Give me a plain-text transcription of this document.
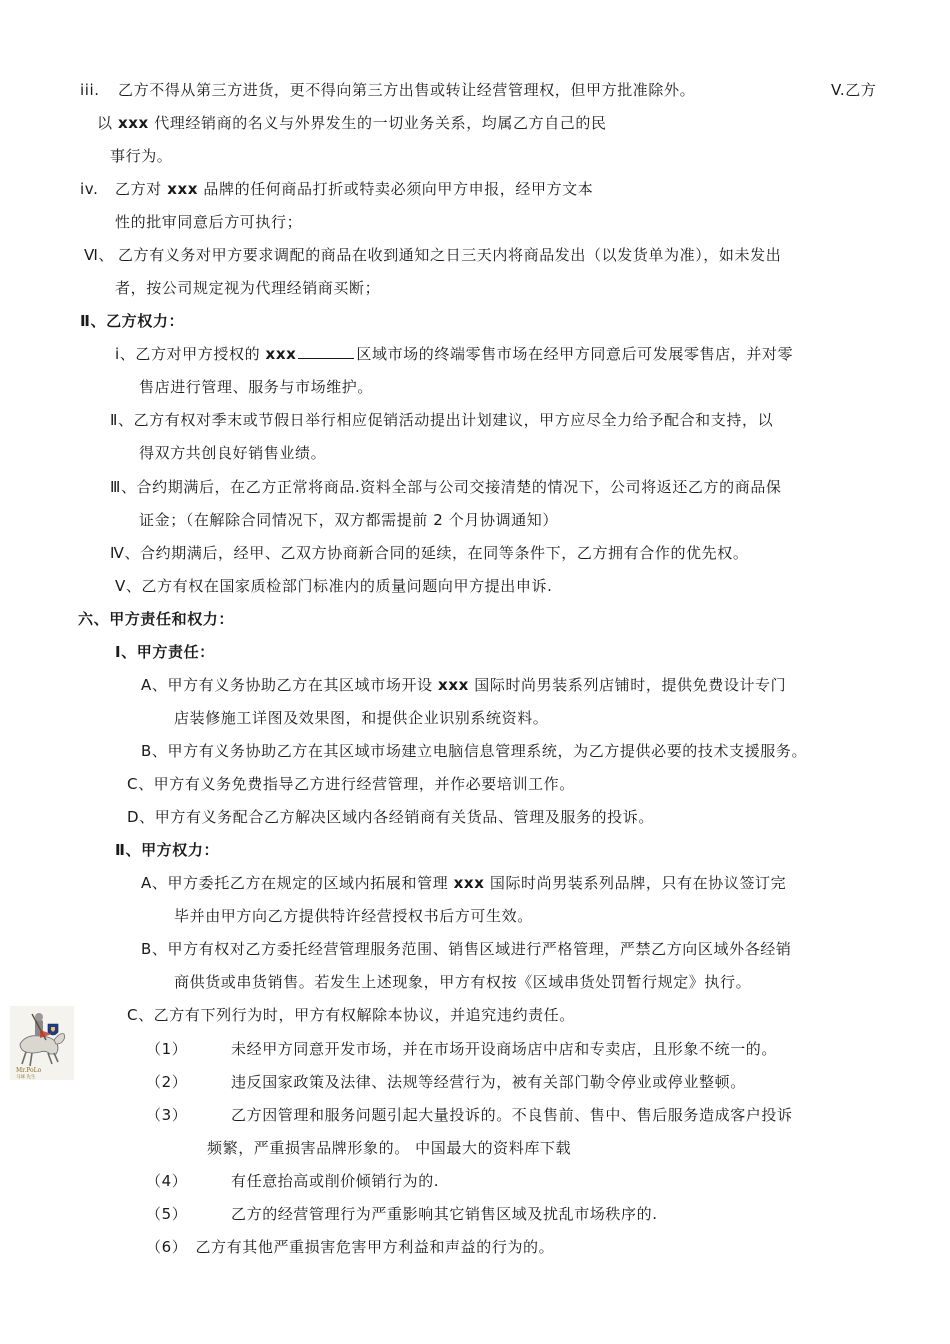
iii. 乙方不得从第三方进货，更不得向第三方出售或转让经营管理权，但甲方批准除外。	V.乙方
以 xxx 代理经销商的名义与外界发生的一切业务关系，均属乙方自己的民
事行为。
iv. 乙方对 xxx 品牌的任何商品打折或特卖必须向甲方申报，经甲方文本
性的批审同意后方可执行；
Ⅵ、 乙方有义务对甲方要求调配的商品在收到通知之日三天内将商品发出（以发货单为准），如未发出
者，按公司规定视为代理经销商买断；
Ⅱ、乙方权力：
ⅰ、乙方对甲方授权的 xxx	区域市场的终端零售市场在经甲方同意后可发展零售店，并对零
售店进行管理、服务与市场维护。
Ⅱ、乙方有权对季末或节假日举行相应促销活动提出计划建议，甲方应尽全力给予配合和支持，以
得双方共创良好销售业绩。
Ⅲ、合约期满后，在乙方正常将商品.资料全部与公司交接清楚的情况下，公司将返还乙方的商品保
证金；（在解除合同情况下，双方都需提前 2 个月协调通知）
Ⅳ、合约期满后，经甲、乙双方协商新合同的延续，在同等条件下，乙方拥有合作的优先权。
Ⅴ、乙方有权在国家质检部门标准内的质量问题向甲方提出申诉.
六、甲方责任和权力：
Ⅰ、甲方责任：
A、甲方有义务协助乙方在其区域市场开设 xxx 国际时尚男装系列店铺时，提供免费设计专门
店装修施工详图及效果图，和提供企业识别系统资料。
B、甲方有义务协助乙方在其区域市场建立电脑信息管理系统，为乙方提供必要的技术支援服务。
C、甲方有义务免费指导乙方进行经营管理，并作必要培训工作。
D、甲方有义务配合乙方解决区域内各经销商有关货品、管理及服务的投诉。
Ⅱ、甲方权力：
A、甲方委托乙方在规定的区域内拓展和管理 xxx 国际时尚男装系列品牌，只有在协议签订完
毕并由甲方向乙方提供特许经营授权书后方可生效。
B、甲方有权对乙方委托经营管理服务范围、销售区域进行严格管理，严禁乙方向区域外各经销
商供货或串货销售。若发生上述现象，甲方有权按《区域串货处罚暂行规定》执行。
C、乙方有下列行为时，甲方有权解除本协议，并追究违约责任。
（1）	未经甲方同意开发市场，并在市场开设商场店中店和专卖店，且形象不统一的。
（2）	违反国家政策及法律、法规等经营行为，被有关部门勒令停业或停业整顿。
（3）	乙方因管理和服务问题引起大量投诉的。不良售前、售中、售后服务造成客户投诉
频繁，严重损害品牌形象的。 中国最大的资料库下载
（4）	有任意抬高或削价倾销行为的.
（5）	乙方的经营管理行为严重影响其它销售区域及扰乱市场秩序的.
（6）　乙方有其他严重损害危害甲方利益和声益的行为的。
Mr.PoLo
马球 先生
